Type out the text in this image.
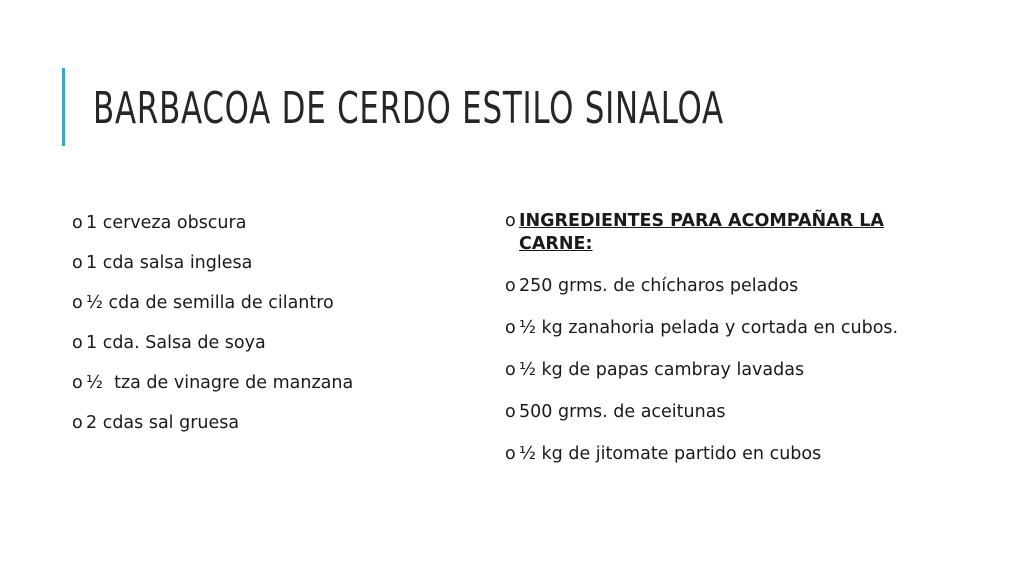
BARBACOA DE CERDO ESTILO SINALOA
o 1 cerveza obscura
o 1 cda salsa inglesa
o ½ cda de semilla de cilantro
o 1 cda. Salsa de soya
o ½  tza de vinagre de manzana
o 2 cdas sal gruesa
o INGREDIENTES PARA ACOMPAÑAR LA CARNE:
o 250 grms. de chícharos pelados
o ½ kg zanahoria pelada y cortada en cubos.
o ½ kg de papas cambray lavadas
o 500 grms. de aceitunas
o ½ kg de jitomate partido en cubos
